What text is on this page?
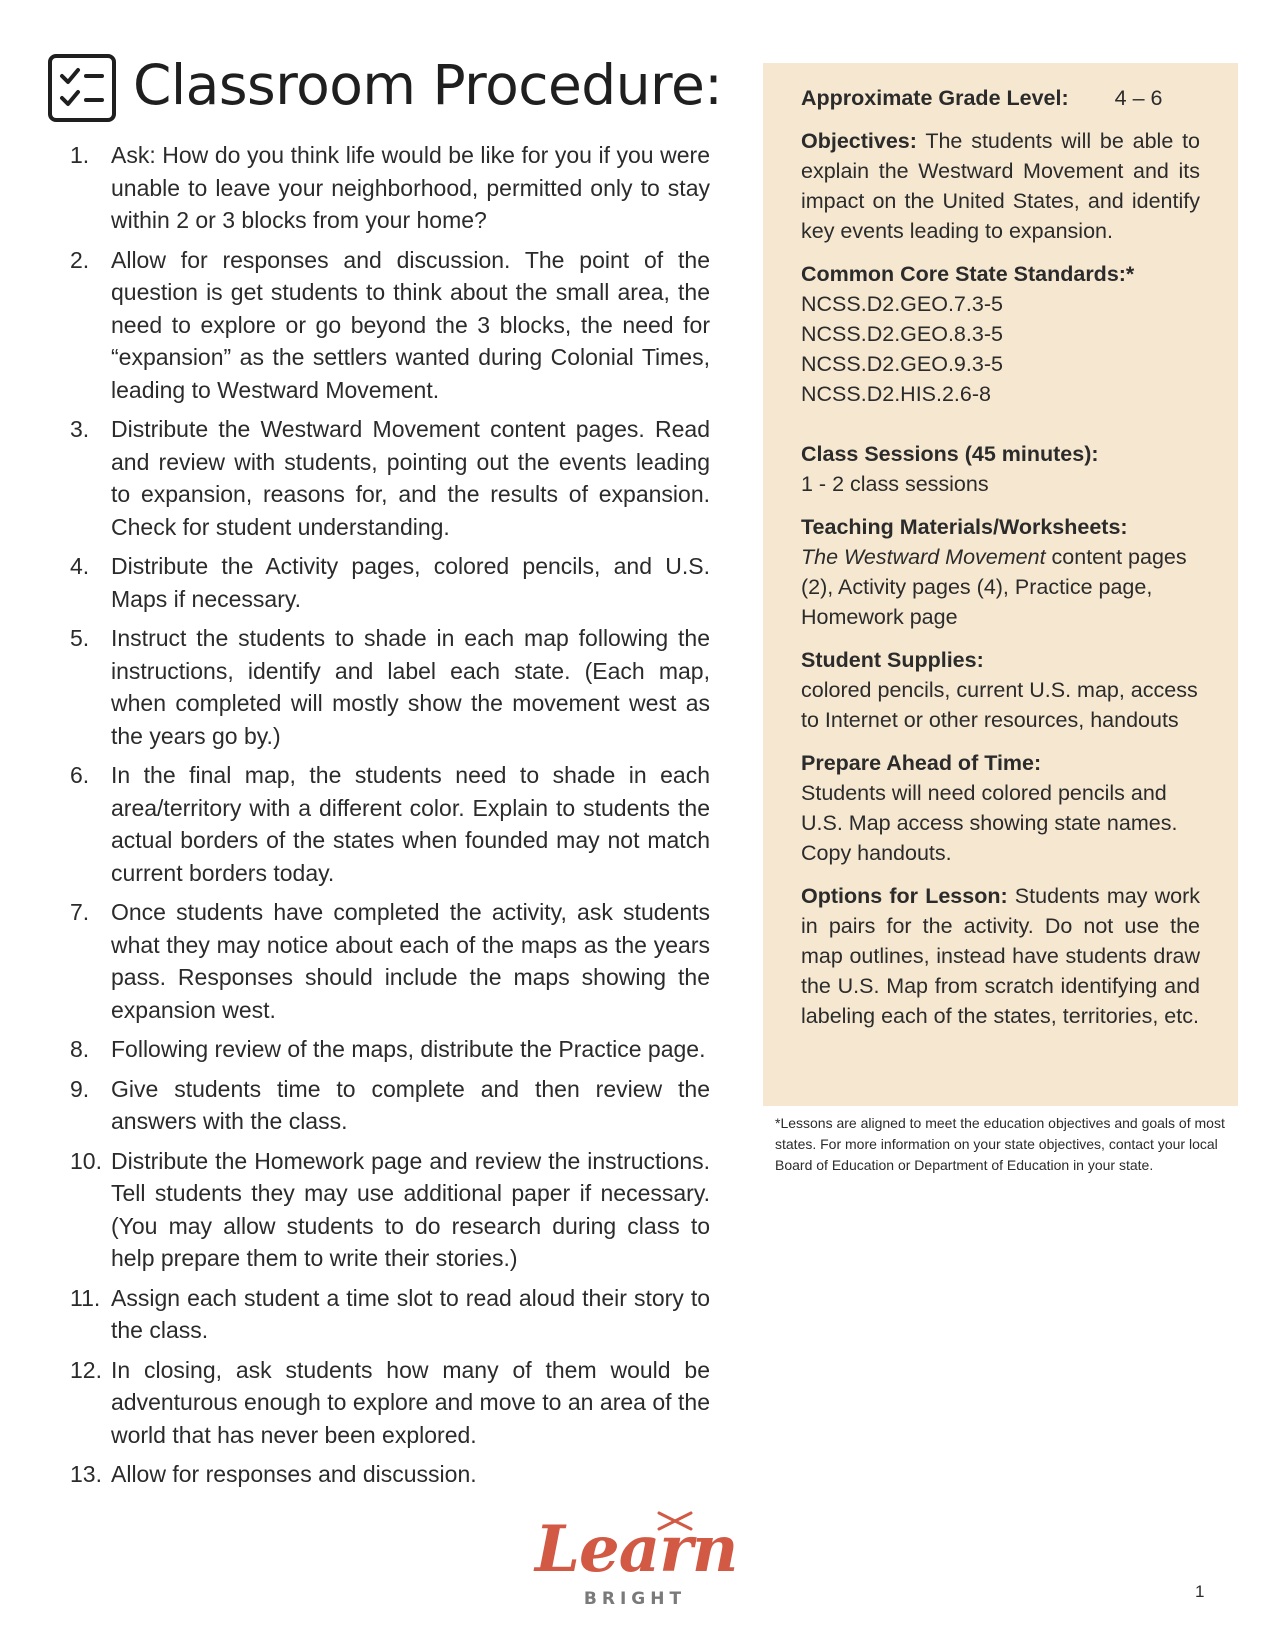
Classroom Procedure:
1. Ask: How do you think life would be like for you if you were unable to leave your neighborhood, permitted only to stay within 2 or 3 blocks from your home?
2. Allow for responses and discussion. The point of the question is get students to think about the small area, the need to explore or go beyond the 3 blocks, the need for “expansion” as the settlers wanted during Colonial Times, leading to Westward Movement.
3. Distribute the Westward Movement content pages. Read and review with students, pointing out the events leading to expansion, reasons for, and the results of expansion. Check for student understanding.
4. Distribute the Activity pages, colored pencils, and U.S. Maps if necessary.
5. Instruct the students to shade in each map following the instructions, identify and label each state. (Each map, when completed will mostly show the movement west as the years go by.)
6. In the final map, the students need to shade in each area/territory with a different color. Explain to students the actual borders of the states when founded may not match current borders today.
7. Once students have completed the activity, ask students what they may notice about each of the maps as the years pass. Responses should include the maps showing the expansion west.
8. Following review of the maps, distribute the Practice page.
9. Give students time to complete and then review the answers with the class.
10. Distribute the Homework page and review the instructions. Tell students they may use additional paper if necessary. (You may allow students to do research during class to help prepare them to write their stories.)
11. Assign each student a time slot to read aloud their story to the class.
12. In closing, ask students how many of them would be adventurous enough to explore and move to an area of the world that has never been explored.
13. Allow for responses and discussion.
Approximate Grade Level: 4 – 6
Objectives: The students will be able to explain the Westward Movement and its impact on the United States, and identify key events leading to expansion.
Common Core State Standards:*
NCSS.D2.GEO.7.3-5
NCSS.D2.GEO.8.3-5
NCSS.D2.GEO.9.3-5
NCSS.D2.HIS.2.6-8
Class Sessions (45 minutes):
1 - 2 class sessions
Teaching Materials/Worksheets:
The Westward Movement content pages (2), Activity pages (4), Practice page, Homework page
Student Supplies:
colored pencils, current U.S. map, access to Internet or other resources, handouts
Prepare Ahead of Time:
Students will need colored pencils and U.S. Map access showing state names.
Copy handouts.
Options for Lesson: Students may work in pairs for the activity. Do not use the map outlines, instead have students draw the U.S. Map from scratch identifying and labeling each of the states, territories, etc.
*Lessons are aligned to meet the education objectives and goals of most states. For more information on your state objectives, contact your local Board of Education or Department of Education in your state.
Learn
BRIGHT	1
